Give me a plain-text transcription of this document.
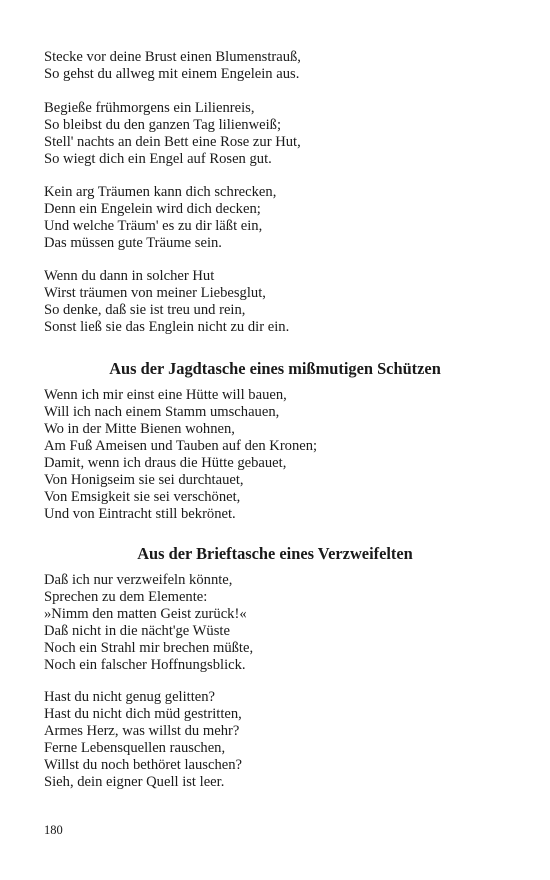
Stecke vor deine Brust einen Blumenstrauß,
So gehst du allweg mit einem Engelein aus.
Begieße frühmorgens ein Lilienreis,
So bleibst du den ganzen Tag lilienweiß;
Stell' nachts an dein Bett eine Rose zur Hut,
So wiegt dich ein Engel auf Rosen gut.
Kein arg Träumen kann dich schrecken,
Denn ein Engelein wird dich decken;
Und welche Träum' es zu dir läßt ein,
Das müssen gute Träume sein.
Wenn du dann in solcher Hut
Wirst träumen von meiner Liebesglut,
So denke, daß sie ist treu und rein,
Sonst ließ sie das Englein nicht zu dir ein.
Aus der Jagdtasche eines mißmutigen Schützen
Wenn ich mir einst eine Hütte will bauen,
Will ich nach einem Stamm umschauen,
Wo in der Mitte Bienen wohnen,
Am Fuß Ameisen und Tauben auf den Kronen;
Damit, wenn ich draus die Hütte gebauet,
Von Honigseim sie sei durchtauet,
Von Emsigkeit sie sei verschönet,
Und von Eintracht still bekrönet.
Aus der Brieftasche eines Verzweifelten
Daß ich nur verzweifeln könnte,
Sprechen zu dem Elemente:
»Nimm den matten Geist zurück!«
Daß nicht in die nächt'ge Wüste
Noch ein Strahl mir brechen müßte,
Noch ein falscher Hoffnungsblick.
Hast du nicht genug gelitten?
Hast du nicht dich müd gestritten,
Armes Herz, was willst du mehr?
Ferne Lebensquellen rauschen,
Willst du noch bethöret lauschen?
Sieh, dein eigner Quell ist leer.
180
